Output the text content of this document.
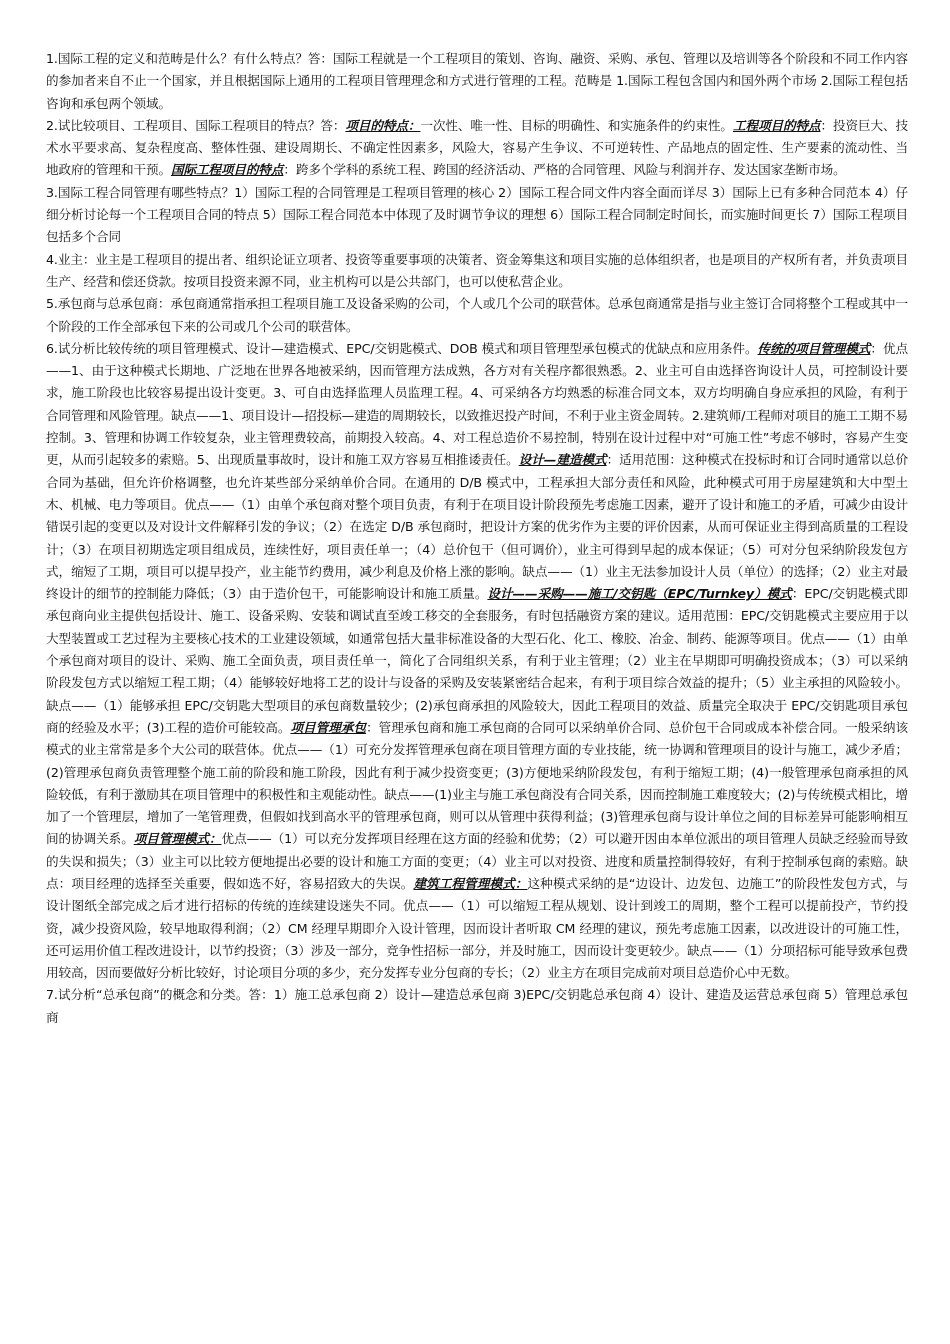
1.国际工程的定义和范畴是什么？有什么特点？答：国际工程就是一个工程项目的策划、咨询、融资、采购、承包、管理以及培训等各个阶段和不同工作内容的参加者来自不止一个国家，并且根据国际上通用的工程项目管理理念和方式进行管理的工程。范畴是 1.国际工程包含国内和国外两个市场 2.国际工程包括咨询和承包两个领域。

2.试比较项目、工程项目、国际工程项目的特点？答：项目的特点：一次性、唯一性、目标的明确性、和实施条件的约束性。工程项目的特点：投资巨大、技术水平要求高、复杂程度高、整体性强、建设周期长、不确定性因素多，风险大，容易产生争议、不可逆转性、产品地点的固定性、生产要素的流动性、当地政府的管理和干预。国际工程项目的特点：跨多个学科的系统工程、跨国的经济活动、严格的合同管理、风险与利润并存、发达国家垄断市场。

3.国际工程合同管理有哪些特点？1）国际工程的合同管理是工程项目管理的核心 2）国际工程合同文件内容全面而详尽 3）国际上已有多种合同范本 4）仔细分析讨论每一个工程项目合同的特点 5）国际工程合同范本中体现了及时调节争议的理想 6）国际工程合同制定时间长，而实施时间更长 7）国际工程项目包括多个合同

4.业主：业主是工程项目的提出者、组织论证立项者、投资等重要事项的决策者、资金筹集这和项目实施的总体组织者，也是项目的产权所有者，并负责项目生产、经营和偿还贷款。按项目投资来源不同，业主机构可以是公共部门，也可以使私营企业。

5.承包商与总承包商：承包商通常指承担工程项目施工及设备采购的公司，个人或几个公司的联营体。总承包商通常是指与业主签订合同将整个工程或其中一个阶段的工作全部承包下来的公司或几个公司的联营体。

6.试分析比较传统的项目管理模式、设计—建造模式、EPC/交钥匙模式、DOB 模式和项目管理型承包模式的优缺点和应用条件。传统的项目管理模式：优点——1、由于这种模式长期地、广泛地在世界各地被采纳，因而管理方法成熟，各方对有关程序都很熟悉。2、业主可自由选择咨询设计人员，可控制设计要求，施工阶段也比较容易提出设计变更。3、可自由选择监理人员监理工程。4、可采纳各方均熟悉的标准合同文本，双方均明确自身应承担的风险，有利于合同管理和风险管理。缺点——1、项目设计—招投标—建造的周期较长，以致推迟投产时间，不利于业主资金周转。2.建筑师/工程师对项目的施工工期不易控制。3、管理和协调工作较复杂，业主管理费较高，前期投入较高。4、对工程总造价不易控制，特别在设计过程中对“可施工性”考虑不够时，容易产生变更，从而引起较多的索赔。5、出现质量事故时，设计和施工双方容易互相推诿责任。设计—建造模式：适用范围：这种模式在投标时和订合同时通常以总价合同为基础，但允许价格调整，也允许某些部分采纳单价合同。在通用的 D/B 模式中，工程承担大部分责任和风险，此种模式可用于房屋建筑和大中型土木、机械、电力等项目。优点——（1）由单个承包商对整个项目负责，有利于在项目设计阶段预先考虑施工因素，避开了设计和施工的矛盾，可减少由设计错误引起的变更以及对设计文件解释引发的争议；（2）在选定 D/B 承包商时，把设计方案的优劣作为主要的评价因素，从而可保证业主得到高质量的工程设计；（3）在项目初期选定项目组成员，连续性好，项目责任单一；（4）总价包干（但可调价），业主可得到早起的成本保证；（5）可对分包采纳阶段发包方式，缩短了工期，项目可以提早投产，业主能节约费用，减少利息及价格上涨的影响。缺点——（1）业主无法参加设计人员（单位）的选择；（2）业主对最终设计的细节的控制能力降低；（3）由于造价包干，可能影响设计和施工质量。设计——采购——施工/交钥匙（EPC/Turnkey）模式：EPC/交钥匙模式即承包商向业主提供包括设计、施工、设备采购、安装和调试直至竣工移交的全套服务，有时包括融资方案的建议。适用范围：EPC/交钥匙模式主要应用于以大型装置或工艺过程为主要核心技术的工业建设领域，如通常包括大量非标准设备的大型石化、化工、橡胶、冶金、制药、能源等项目。优点——（1）由单个承包商对项目的设计、采购、施工全面负责，项目责任单一，简化了合同组织关系，有利于业主管理；（2）业主在早期即可明确投资成本；（3）可以采纳阶段发包方式以缩短工程工期；（4）能够较好地将工艺的设计与设备的采购及安装紧密结合起来，有利于项目综合效益的提升；（5）业主承担的风险较小。缺点——（1）能够承担 EPC/交钥匙大型项目的承包商数量较少；(2)承包商承担的风险较大，因此工程项目的效益、质量完全取决于 EPC/交钥匙项目承包商的经验及水平；(3)工程的造价可能较高。项目管理承包：管理承包商和施工承包商的合同可以采纳单价合同、总价包干合同或成本补偿合同。一般采纳该模式的业主常常是多个大公司的联营体。优点——（1）可充分发挥管理承包商在项目管理方面的专业技能，统一协调和管理项目的设计与施工，减少矛盾；(2)管理承包商负责管理整个施工前的阶段和施工阶段，因此有利于减少投资变更；(3)方便地采纳阶段发包，有利于缩短工期；(4)一般管理承包商承担的风险较低，有利于激励其在项目管理中的积极性和主观能动性。缺点——(1)业主与施工承包商没有合同关系，因而控制施工难度较大；(2)与传统模式相比，增加了一个管理层，增加了一笔管理费，但假如找到高水平的管理承包商，则可以从管理中获得利益；(3)管理承包商与设计单位之间的目标差异可能影响相互间的协调关系。项目管理模式：优点——（1）可以充分发挥项目经理在这方面的经验和优势；（2）可以避开因由本单位派出的项目管理人员缺乏经验而导致的失误和损失；（3）业主可以比较方便地提出必要的设计和施工方面的变更；（4）业主可以对投资、进度和质量控制得较好，有利于控制承包商的索赔。缺点：项目经理的选择至关重要，假如选不好，容易招致大的失误。建筑工程管理模式：这种模式采纳的是“边设计、边发包、边施工”的阶段性发包方式，与设计图纸全部完成之后才进行招标的传统的连续建设迷失不同。优点——（1）可以缩短工程从规划、设计到竣工的周期，整个工程可以提前投产，节约投资，减少投资风险，较早地取得利润；（2）CM 经理早期即介入设计管理，因而设计者听取 CM 经理的建议，预先考虑施工因素，以改进设计的可施工性，还可运用价值工程改进设计，以节约投资；（3）涉及一部分，竞争性招标一部分，并及时施工，因而设计变更较少。缺点——（1）分项招标可能导致承包费用较高，因而要做好分析比较好，讨论项目分项的多少，充分发挥专业分包商的专长；（2）业主方在项目完成前对项目总造价心中无数。

7.试分析“总承包商”的概念和分类。答：1）施工总承包商 2）设计—建造总承包商 3)EPC/交钥匙总承包商 4）设计、建造及运营总承包商 5）管理总承包商
